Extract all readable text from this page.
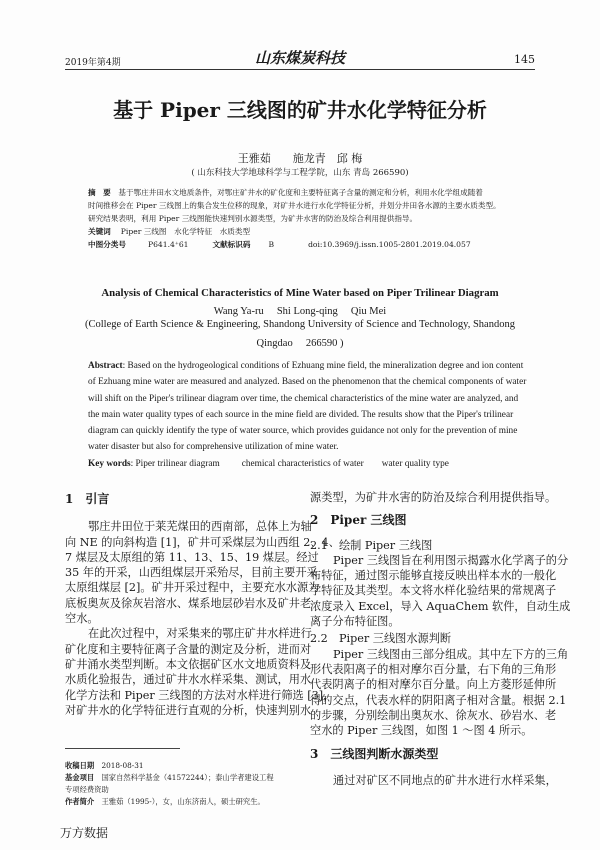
2019年第4期	山东煤炭科技	145
基于 Piper 三线图的矿井水化学特征分析
王雅茹　　施龙青　邱 梅
( 山东科技大学地球科学与工程学院，山东 青岛 266590)
摘　要　 基于鄂庄井田水文地质条件，对鄂庄矿井水的矿化度和主要特征离子含量的测定和分析，利用水化学组成随着
时间推移会在 Piper 三线图上的集合发生位移的现象，对矿井水进行水化学特征分析，并划分井田各水源的主要水质类型。
研究结果表明，利用 Piper 三线图能快速判别水源类型，为矿井水害的防治及综合利用提供指导。
关键词　 Piper 三线图　 水化学特征　 水质类型
中图分类号	P641.4⁺61	文献标识码 B	doi:10.3969/j.issn.1005-2801.2019.04.057
Analysis of Chemical Characteristics of Mine Water based on Piper Trilinear Diagram
Wang Ya-ru　 Shi Long-qing　 Qiu Mei
(College of Earth Science & Engineering, Shandong University of Science and Technology, Shandong
Qingdao　 266590 )
Abstract: Based on the hydrogeological conditions of Ezhuang mine field, the mineralization degree and ion content
of Ezhuang mine water are measured and analyzed. Based on the phenomenon that the chemical components of water
will shift on the Piper's trilinear diagram over time, the chemical characteristics of the mine water are analyzed, and
the main water quality types of each source in the mine field are divided. The results show that the Piper's trilinear
diagram can quickly identify the type of water source, which provides guidance not only for the prevention of mine
water disaster but also for comprehensive utilization of mine water.
Key words: Piper trilinear diagram chemical characteristics of water water quality type
1　引言
鄂庄井田位于莱芜煤田的西南部，总体上为轴
向 NE 的向斜构造 [1]，矿井可采煤层为山西组 2、4、
7 煤层及太原组的第 11、13、15、19 煤层。经过
35 年的开采，山西组煤层开采殆尽，目前主要开采
太原组煤层 [2]。矿井开采过程中，主要充水水源为
底板奥灰及徐灰岩溶水、煤系地层砂岩水及矿井老
空水。
在此次过程中，对采集来的鄂庄矿井水样进行
矿化度和主要特征离子含量的测定及分析，进而对
矿井涌水类型判断。本文依据矿区水文地质资料及
水质化验报告，通过矿井水水样采集、测试，用水
化学方法和 Piper 三线图的方法对水样进行筛选 [3]，
对矿井水的化学特征进行直观的分析，快速判别水
收稿日期　 2018-08-31
基金项目　 国家自然科学基金（41572244）；泰山学者建设工程
专项经费资助
作者简介　 王雅茹（1995-），女，山东济南人，硕士研究生。
源类型，为矿井水害的防治及综合利用提供指导。
2　Piper 三线图
2.1　绘制 Piper 三线图
Piper 三线图旨在利用图示揭露水化学离子的分
布特征，通过图示能够直接反映出样本水的一般化
学特征及其类型。本文将水样化验结果的常规离子
浓度录入 Excel，导入 AquaChem 软件，自动生成
离子分布特征图。
2.2　Piper 三线图水源判断
Piper 三线图由三部分组成。其中左下方的三角
形代表阳离子的相对摩尔百分量，右下角的三角形
代表阴离子的相对摩尔百分量。向上方菱形延伸所
得的交点，代表水样的阴阳离子相对含量。根据 2.1
的步骤，分别绘制出奥灰水、徐灰水、砂岩水、老
空水的 Piper 三线图，如图 1 ～图 4 所示。
3　三线图判断水源类型
通过对矿区不同地点的矿井水进行水样采集，
万方数据
